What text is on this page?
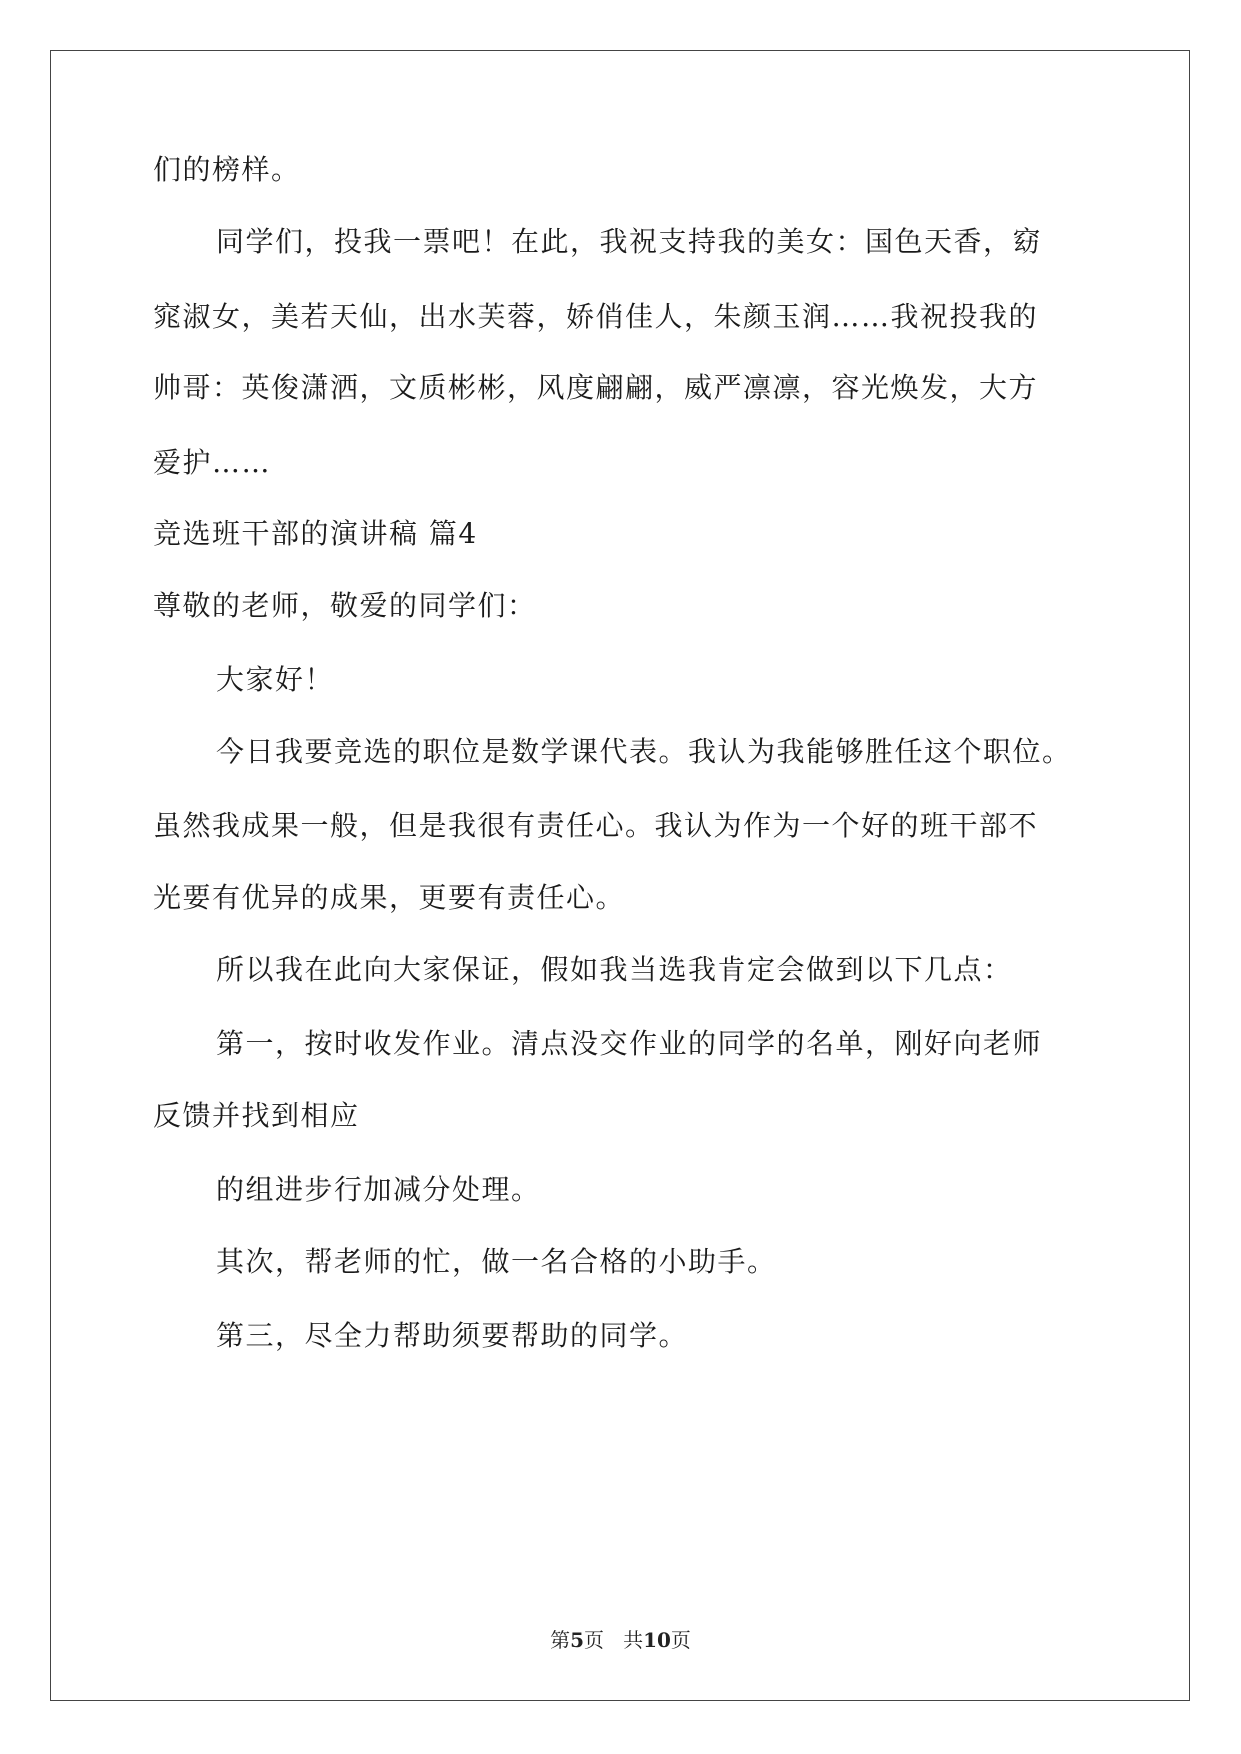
们的榜样。
同学们，投我一票吧！在此，我祝支持我的美女：国色天香，窈
窕淑女，美若天仙，出水芙蓉，娇俏佳人，朱颜玉润……我祝投我的
帅哥：英俊潇洒，文质彬彬，风度翩翩，威严凛凛，容光焕发，大方
爱护……
竞选班干部的演讲稿 篇4
尊敬的老师，敬爱的同学们：
大家好！
今日我要竞选的职位是数学课代表。我认为我能够胜任这个职位。
虽然我成果一般，但是我很有责任心。我认为作为一个好的班干部不
光要有优异的成果，更要有责任心。
所以我在此向大家保证，假如我当选我肯定会做到以下几点：
第一，按时收发作业。清点没交作业的同学的名单，刚好向老师
反馈并找到相应
的组进步行加减分处理。
其次，帮老师的忙，做一名合格的小助手。
第三，尽全力帮助须要帮助的同学。
第5页 共10页
